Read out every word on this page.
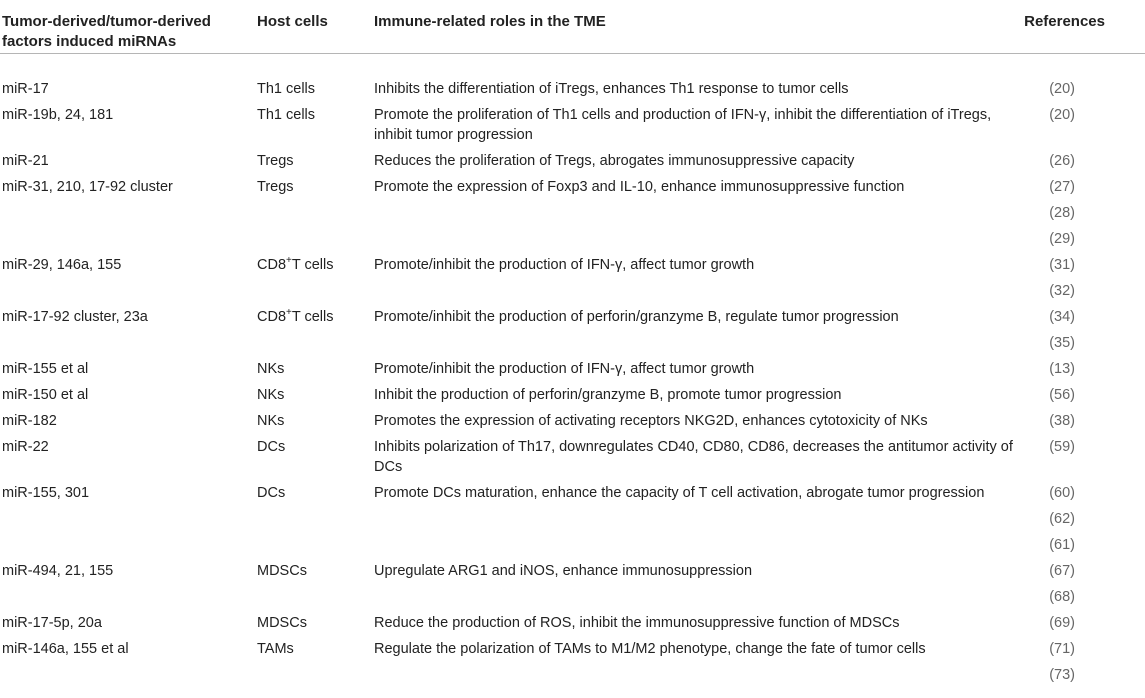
Tumor-derived/tumor-derived factors induced miRNAs	Host cells	Immune-related roles in the TME	References
miR-17	Th1 cells	Inhibits the differentiation of iTregs, enhances Th1 response to tumor cells	(20)

miR-19b, 24, 181	Th1 cells	Promote the proliferation of Th1 cells and production of IFN-γ, inhibit the differentiation of iTregs, inhibit tumor progression	(20)

miR-21	Tregs	Reduces the proliferation of Tregs, abrogates immunosuppressive capacity	(26)

miR-31, 210, 17-92 cluster	Tregs	Promote the expression of Foxp3 and IL-10, enhance immunosuppressive function	(27)
(28)
(29)

miR-29, 146a, 155	CD8+T cells	Promote/inhibit the production of IFN-γ, affect tumor growth	(31)
(32)

miR-17-92 cluster, 23a	CD8+T cells	Promote/inhibit the production of perforin/granzyme B, regulate tumor progression	(34)
(35)

miR-155 et al	NKs	Promote/inhibit the production of IFN-γ, affect tumor growth	(13)

miR-150 et al	NKs	Inhibit the production of perforin/granzyme B, promote tumor progression	(56)

miR-182	NKs	Promotes the expression of activating receptors NKG2D, enhances cytotoxicity of NKs	(38)

miR-22	DCs	Inhibits polarization of Th17, downregulates CD40, CD80, CD86, decreases the antitumor activity of DCs	(59)

miR-155, 301	DCs	Promote DCs maturation, enhance the capacity of T cell activation, abrogate tumor progression	(60)
(62)
(61)

miR-494, 21, 155	MDSCs	Upregulate ARG1 and iNOS, enhance immunosuppression	(67)
(68)

miR-17-5p, 20a	MDSCs	Reduce the production of ROS, inhibit the immunosuppressive function of MDSCs	(69)

miR-146a, 155 et al	TAMs	Regulate the polarization of TAMs to M1/M2 phenotype, change the fate of tumor cells	(71)
(73)
